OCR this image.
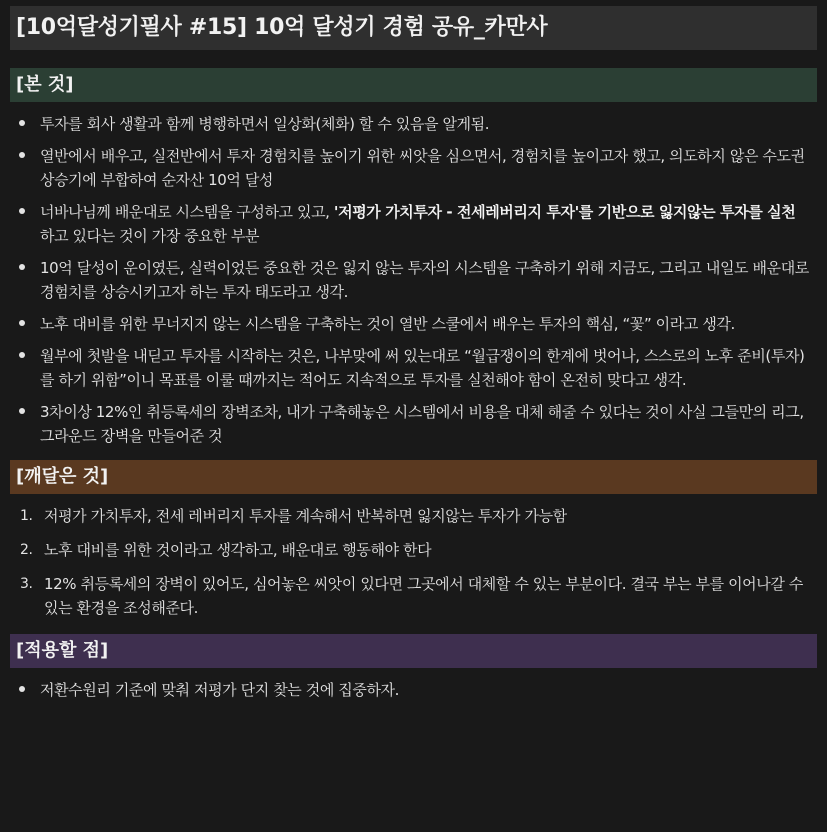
[10억달성기필사 #15] 10억 달성기 경험 공유_카만사
[본 것]
투자를 회사 생활과 함께 병행하면서 일상화(체화) 할 수 있음을 알게됨.
열반에서 배우고, 실전반에서 투자 경험치를 높이기 위한 씨앗을 심으면서, 경험치를 높이고자 했고, 의도하지 않은 수도권 상승기에 부합하여 순자산 10억 달성
너바나님께 배운대로 시스템을 구성하고 있고, '저평가 가치투자 - 전세레버리지 투자'를 기반으로 잃지않는 투자를 실천 하고 있다는 것이 가장 중요한 부분
10억 달성이 운이였든, 실력이었든 중요한 것은 잃지 않는 투자의 시스템을 구축하기 위해 지금도, 그리고 내일도 배운대로 경험치를 상승시키고자 하는 투자 태도라고 생각.
노후 대비를 위한 무너지지 않는 시스템을 구축하는 것이 열반 스쿨에서 배우는 투자의 핵심, “꽃” 이라고 생각.
월부에 첫발을 내딛고 투자를 시작하는 것은, 나부맞에 써 있는대로 “월급쟁이의 한계에 벗어나, 스스로의 노후 준비(투자)를 하기 위함”이니 목표를 이룰 때까지는 적어도 지속적으로 투자를 실천해야 함이 온전히 맞다고 생각.
3차이상 12%인 취등록세의 장벽조차, 내가 구축해놓은 시스템에서 비용을 대체 해줄 수 있다는 것이 사실 그들만의 리그, 그라운드 장벽을 만들어준 것
[깨달은 것]
1. 저평가 가치투자, 전세 레버리지 투자를 계속해서 반복하면 잃지않는 투자가 가능함
2. 노후 대비를 위한 것이라고 생각하고, 배운대로 행동해야 한다
3. 12% 취등록세의 장벽이 있어도, 심어놓은 씨앗이 있다면 그곳에서 대체할 수 있는 부분이다. 결국 부는 부를 이어나갈 수 있는 환경을 조성해준다.
[적용할 점]
저환수원리 기준에 맞춰 저평가 단지 찾는 것에 집중하자.
